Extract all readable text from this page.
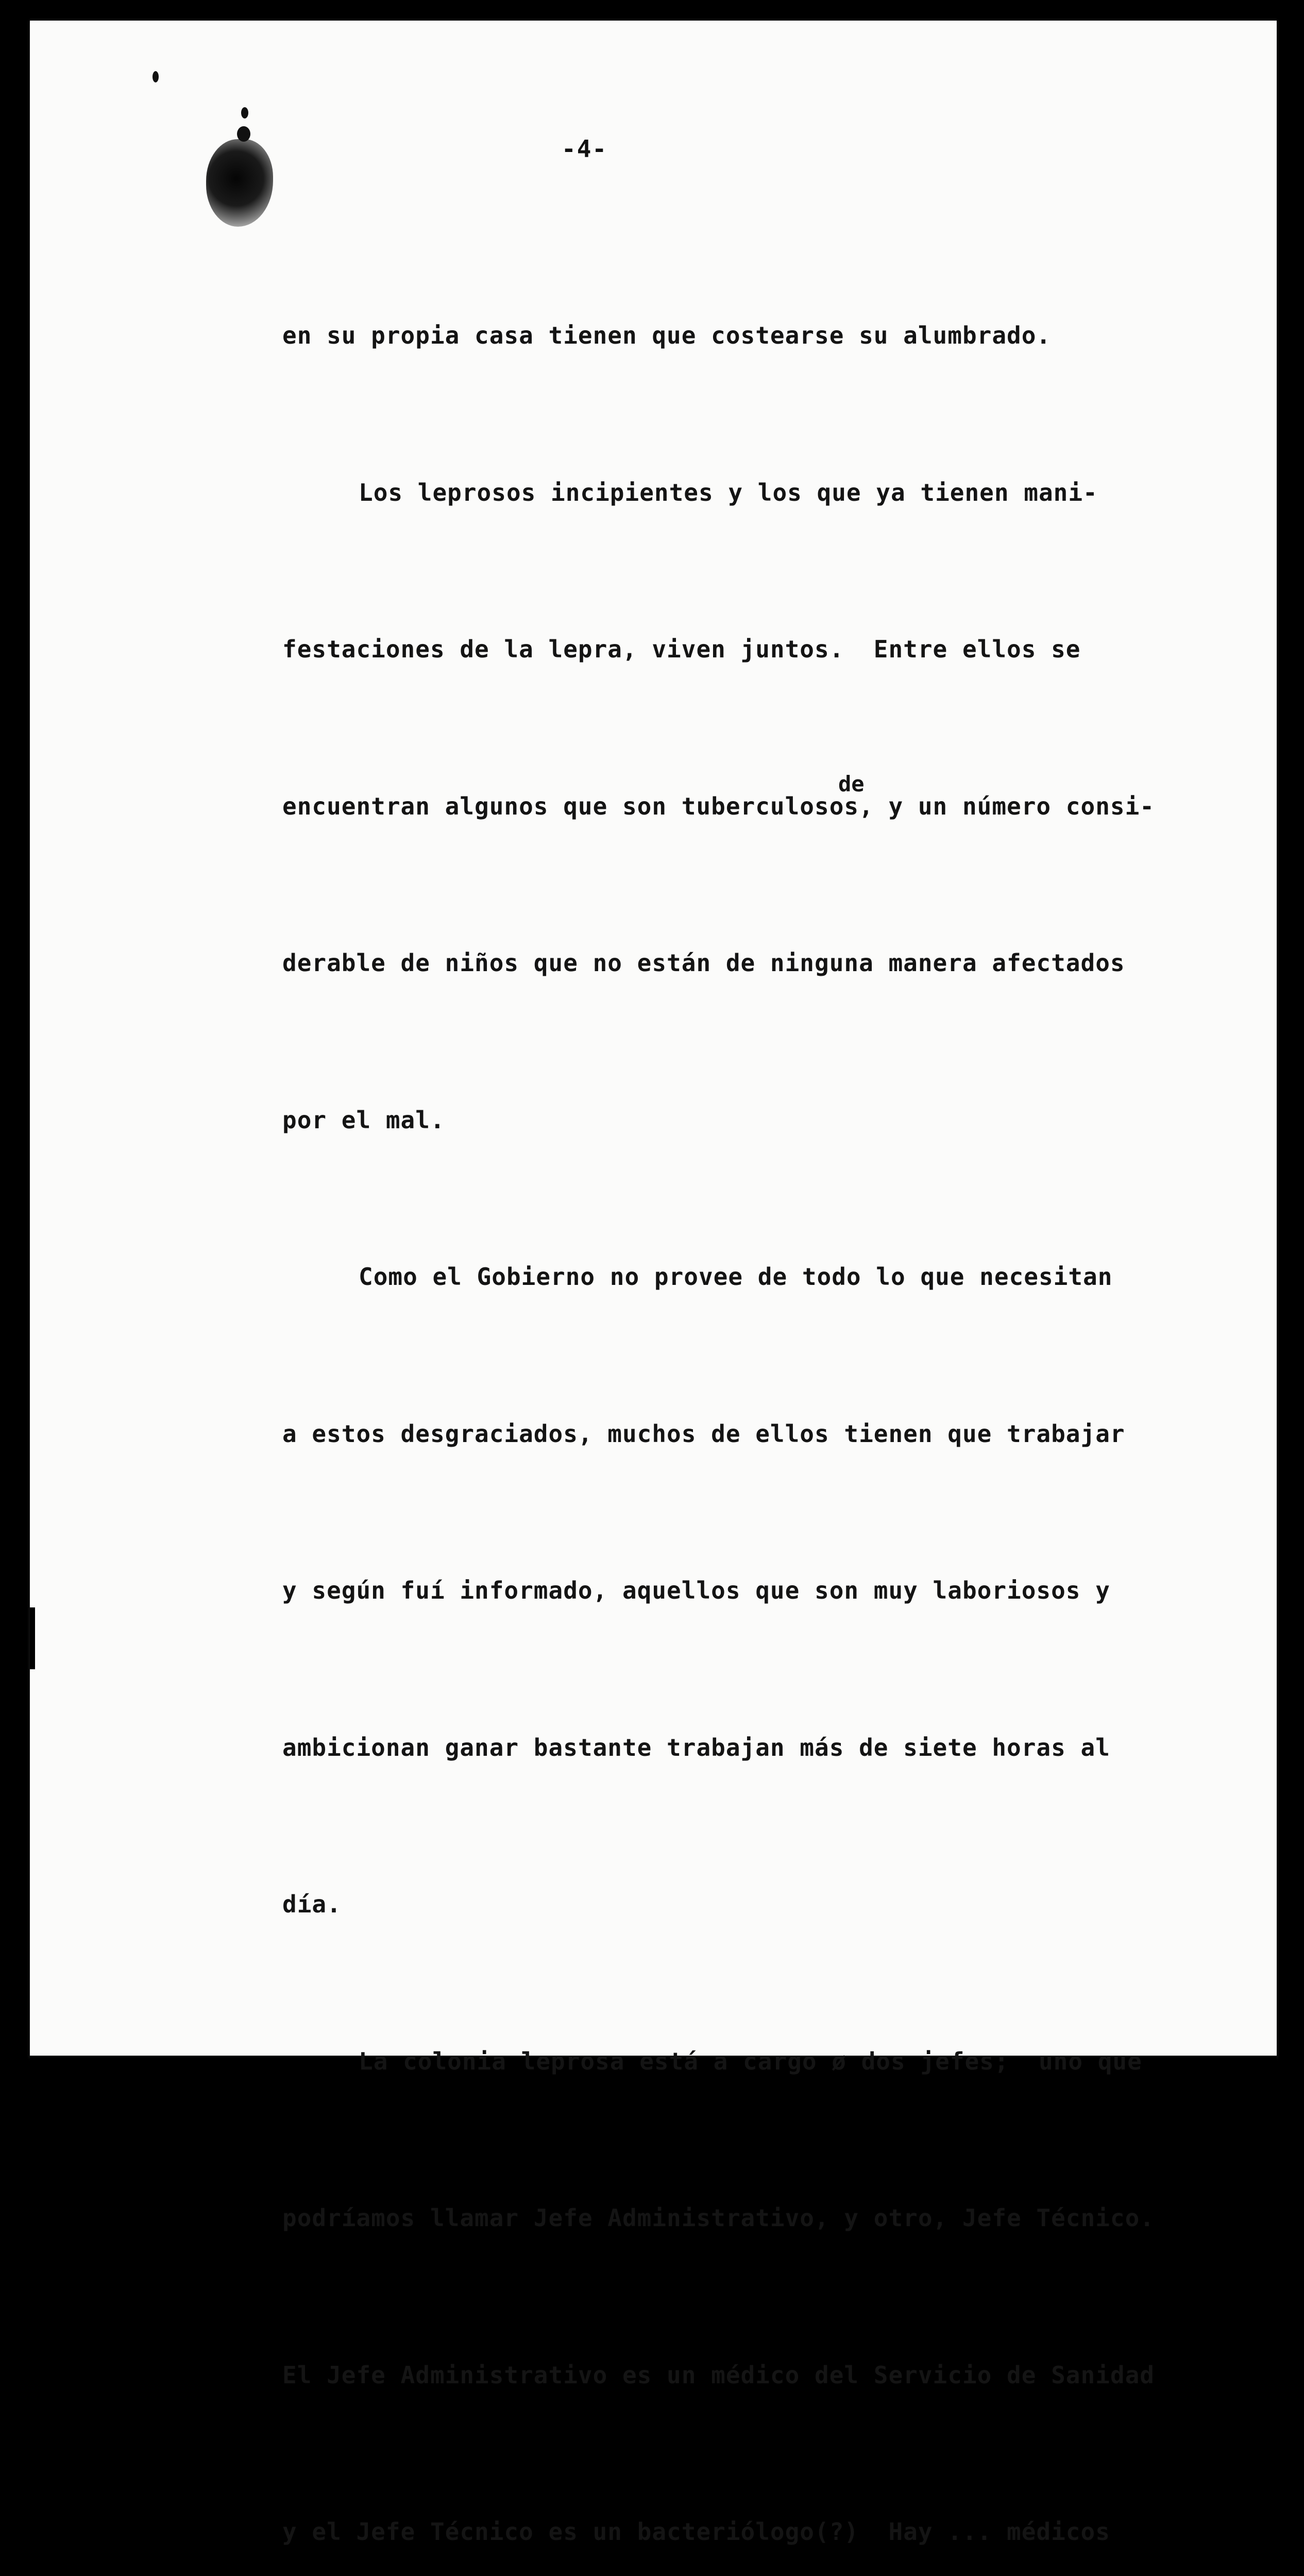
-4-
de

en su propia casa tienen que costearse su alumbrado.

Los leprosos incipientes y los que ya tienen mani-

festaciones de la lepra, viven juntos.  Entre ellos se

encuentran algunos que son tuberculosos, y un número consi-

derable de niños que no están de ninguna manera afectados

por el mal.

Como el Gobierno no provee de todo lo que necesitan

a estos desgraciados, muchos de ellos tienen que trabajar

y según fuí informado, aquellos que son muy laboriosos y

ambicionan ganar bastante trabajan más de siete horas al

día.

La colonia leprosa está a cargo ø dos jefes;  uno que

podríamos llamar Jefe Administrativo, y otro, Jefe Técnico.

El Jefe Administrativo es un médico del Servicio de Sanidad

y el Jefe Técnico es un bacteriólogo(?)  Hay ... médicos
